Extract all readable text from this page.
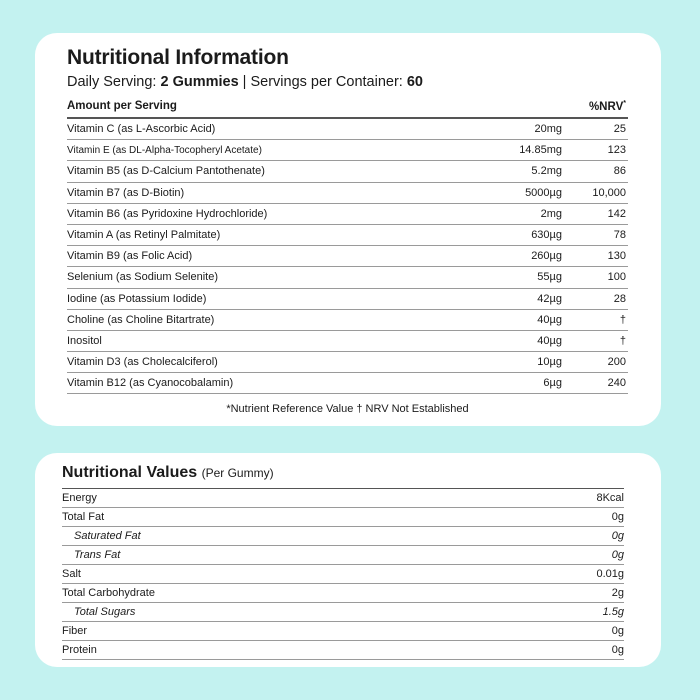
Nutritional Information
Daily Serving: 2 Gummies | Servings per Container: 60
Amount per Serving		%NRV*
Vitamin C (as L-Ascorbic Acid)	20mg	25
Vitamin E (as DL-Alpha-Tocopheryl Acetate)	14.85mg	123
Vitamin B5 (as D-Calcium Pantothenate)	5.2mg	86
Vitamin B7 (as D-Biotin)	5000µg	10,000
Vitamin B6 (as Pyridoxine Hydrochloride)	2mg	142
Vitamin A (as Retinyl Palmitate)	630µg	78
Vitamin B9 (as Folic Acid)	260µg	130
Selenium (as Sodium Selenite)	55µg	100
Iodine (as Potassium Iodide)	42µg	28
Choline (as Choline Bitartrate)	40µg	†
Inositol	40µg	†
Vitamin D3 (as Cholecalciferol)	10µg	200
Vitamin B12 (as Cyanocobalamin)	6µg	240
*Nutrient Reference Value † NRV Not Established
Nutritional Values (Per Gummy)
Energy	8Kcal
Total Fat	0g
Saturated Fat	0g
Trans Fat	0g
Salt	0.01g
Total Carbohydrate	2g
Total Sugars	1.5g
Fiber	0g
Protein	0g
